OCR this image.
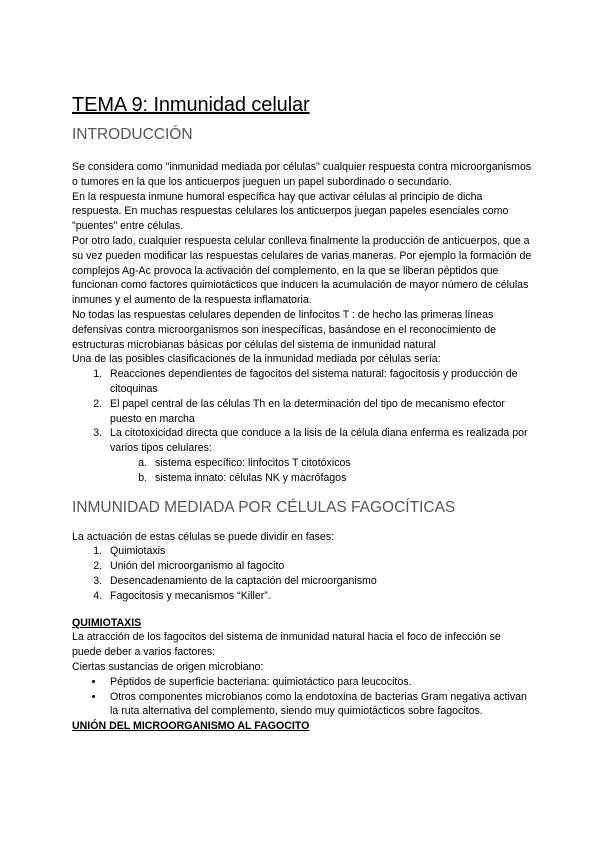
TEMA 9: Inmunidad celular
INTRODUCCIÓN

Se considera como "inmunidad mediada por células" cualquier respuesta contra microorganismos o tumores en la que los anticuerpos jueguen un papel subordinado o secundario.

En la respuesta inmune humoral específica hay que activar células al principio de dicha respuesta. En muchas respuestas celulares los anticuerpos juegan papeles esenciales como "puentes" entre células.

Por otro lado, cualquier respuesta celular conlleva finalmente la producción de anticuerpos, que a su vez pueden modificar las respuestas celulares de varias maneras. Por ejemplo la formación de complejos Ag-Ac provoca la activación del complemento, en la que se liberan péptidos que funcionan como factores quimiotácticos que inducen la acumulación de mayor número de células inmunes y el aumento de la respuesta inflamatoria.

No todas las respuestas celulares dependen de linfocitos T : de hecho las primeras líneas defensivas contra microorganismos son inespecíficas, basándose en el reconocimiento de estructuras microbianas básicas por células del sistema de inmunidad natural

Una de las posibles clasificaciones de la inmunidad mediada por células sería:

1. Reacciones dependientes de fagocitos del sistema natural: fagocitosis y producción de citoquinas
2. El papel central de las células Th en la determinación del tipo de mecanismo efector puesto en marcha
3. La citotoxicidad directa que conduce a la lisis de la célula diana enferma es realizada por varios tipos celulares:
a. sistema específico: linfocitos T citotóxicos
b. sistema innato: células NK y macrófagos
INMUNIDAD MEDIADA POR CÉLULAS FAGOCÍTICAS

La actuación de estas células se puede dividir en fases:

1. Quimiotaxis
2. Unión del microorganismo al fagocito
3. Desencadenamiento de la captación del microorganismo
4. Fagocitosis y mecanismos “Killer”.

QUIMIOTAXIS

La atracción de los fagocitos del sistema de inmunidad natural hacia el foco de infección se puede deber a varios factores:

Ciertas sustancias de origen microbiano:

• Péptidos de superficie bacteriana: quimiotáctico para leucocitos.
• Otros componentes microbianos como la endotoxina de bacterias Gram negativa activan la ruta alternativa del complemento, siendo muy quimiotácticos sobre fagocitos.

UNIÓN DEL MICROORGANISMO AL FAGOCITO
